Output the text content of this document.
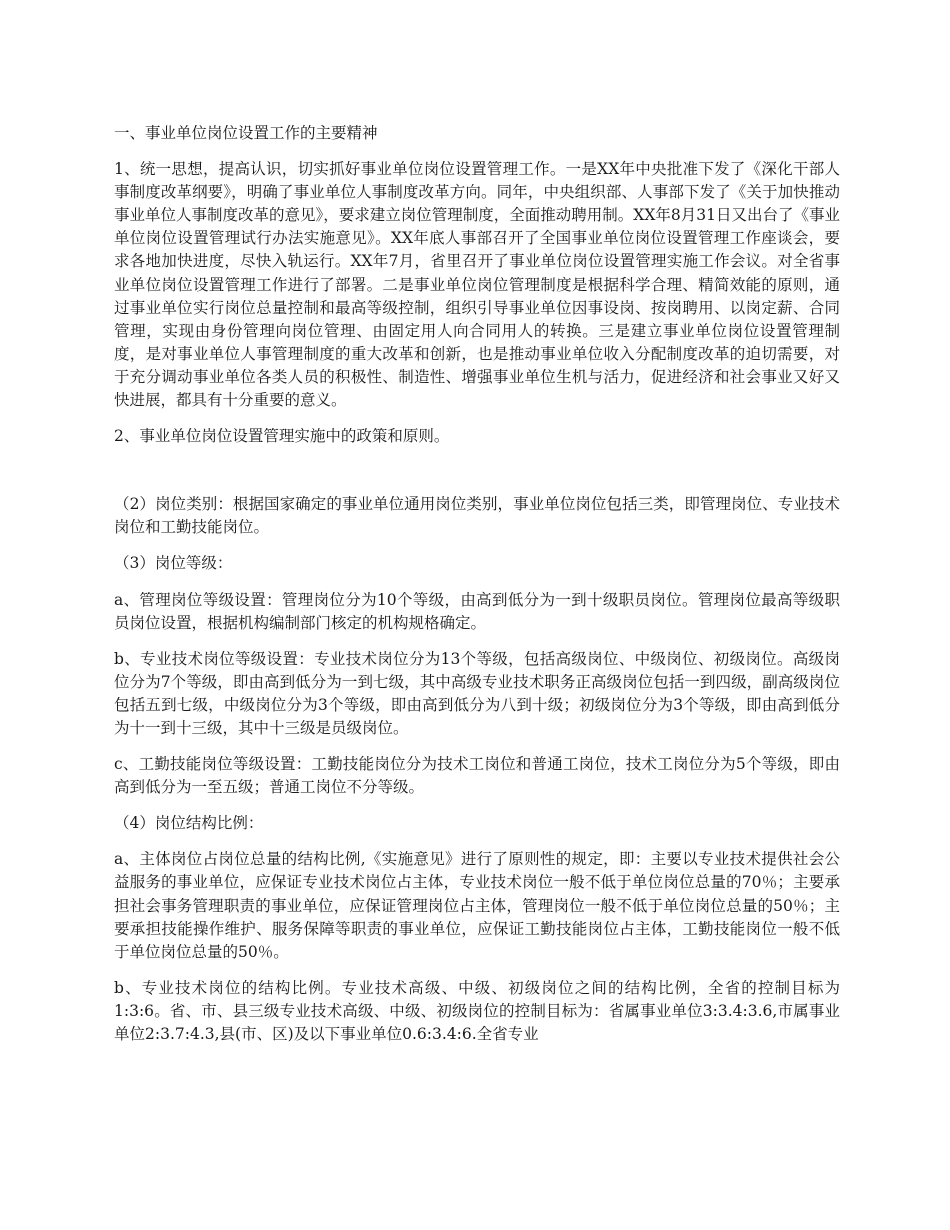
一、事业单位岗位设置工作的主要精神

1、统一思想，提高认识，切实抓好事业单位岗位设置管理工作。一是XX年中央批准下发了《深化干部人事制度改革纲要》，明确了事业单位人事制度改革方向。同年，中央组织部、人事部下发了《关于加快推动事业单位人事制度改革的意见》，要求建立岗位管理制度，全面推动聘用制。XX年8月31日又出台了《事业单位岗位设置管理试行办法实施意见》。XX年底人事部召开了全国事业单位岗位设置管理工作座谈会，要求各地加快进度，尽快入轨运行。XX年7月，省里召开了事业单位岗位设置管理实施工作会议。对全省事业单位岗位设置管理工作进行了部署。二是事业单位岗位管理制度是根据科学合理、精简效能的原则，通过事业单位实行岗位总量控制和最高等级控制，组织引导事业单位因事设岗、按岗聘用、以岗定薪、合同管理，实现由身份管理向岗位管理、由固定用人向合同用人的转换。三是建立事业单位岗位设置管理制度，是对事业单位人事管理制度的重大改革和创新，也是推动事业单位收入分配制度改革的迫切需要，对于充分调动事业单位各类人员的积极性、制造性、增强事业单位生机与活力，促进经济和社会事业又好又快进展，都具有十分重要的意义。

2、事业单位岗位设置管理实施中的政策和原则。

（2）岗位类别：根据国家确定的事业单位通用岗位类别，事业单位岗位包括三类，即管理岗位、专业技术岗位和工勤技能岗位。

（3）岗位等级：

a、管理岗位等级设置：管理岗位分为10个等级，由高到低分为一到十级职员岗位。管理岗位最高等级职员岗位设置，根据机构编制部门核定的机构规格确定。

b、专业技术岗位等级设置：专业技术岗位分为13个等级，包括高级岗位、中级岗位、初级岗位。高级岗位分为7个等级，即由高到低分为一到七级，其中高级专业技术职务正高级岗位包括一到四级，副高级岗位包括五到七级，中级岗位分为3个等级，即由高到低分为八到十级；初级岗位分为3个等级，即由高到低分为十一到十三级，其中十三级是员级岗位。

c、工勤技能岗位等级设置：工勤技能岗位分为技术工岗位和普通工岗位，技术工岗位分为5个等级，即由高到低分为一至五级；普通工岗位不分等级。

（4）岗位结构比例：

a、主体岗位占岗位总量的结构比例,《实施意见》进行了原则性的规定，即：主要以专业技术提供社会公益服务的事业单位，应保证专业技术岗位占主体，专业技术岗位一般不低于单位岗位总量的70％；主要承担社会事务管理职责的事业单位，应保证管理岗位占主体，管理岗位一般不低于单位岗位总量的50％；主要承担技能操作维护、服务保障等职责的事业单位，应保证工勤技能岗位占主体，工勤技能岗位一般不低于单位岗位总量的50％。

b、专业技术岗位的结构比例。专业技术高级、中级、初级岗位之间的结构比例，全省的控制目标为1:3:6。省、市、县三级专业技术高级、中级、初级岗位的控制目标为：省属事业单位3:3.4:3.6,市属事业单位2:3.7:4.3,县(市、区)及以下事业单位0.6:3.4:6.全省专业
